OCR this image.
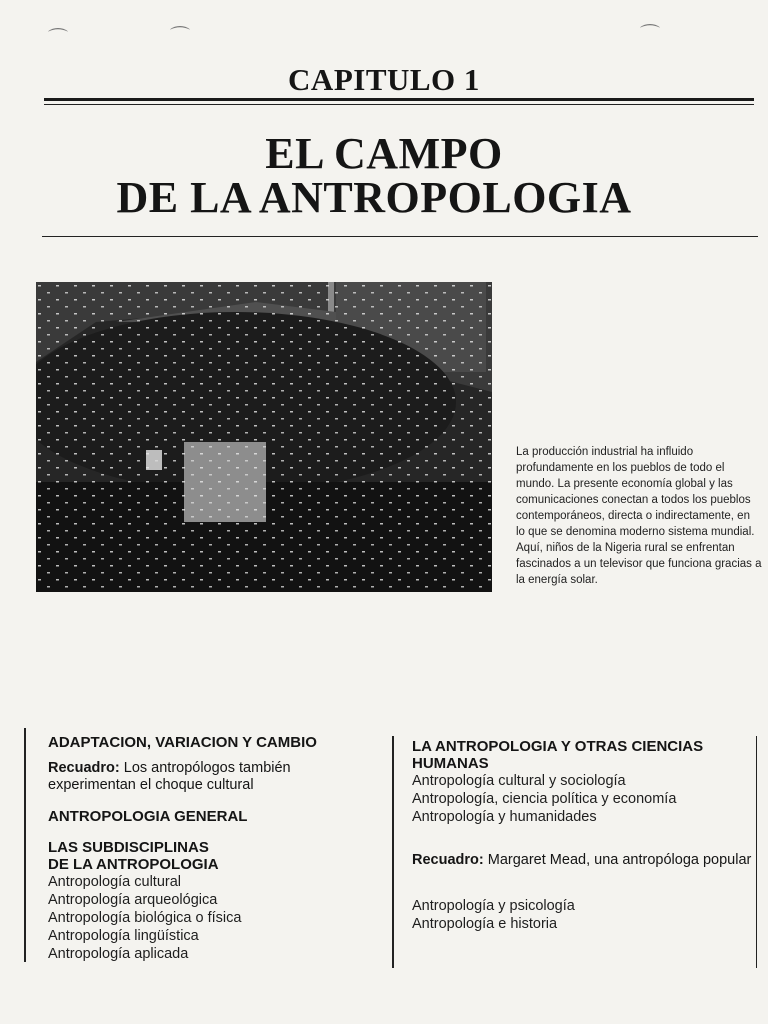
⌒	⌒	⌒
CAPITULO 1
EL CAMPO
DE LA ANTROPOLOGIA
La producción industrial ha influido profundamente en los pueblos de todo el mundo. La presente economía global y las comunicaciones conectan a todos los pueblos contemporáneos, directa o indirectamente, en lo que se denomina moderno sistema mundial. Aquí, niños de la Nigeria rural se enfrentan fascinados a un televisor que funciona gracias a la energía solar.
ADAPTACION, VARIACION Y CAMBIO
Recuadro: Los antropólogos también experimentan el choque cultural
ANTROPOLOGIA GENERAL
LAS SUBDISCIPLINAS
DE LA ANTROPOLOGIA
Antropología cultural
Antropología arqueológica
Antropología biológica o física
Antropología lingüística
Antropología aplicada
LA ANTROPOLOGIA Y OTRAS CIENCIAS
HUMANAS
Antropología cultural y sociología
Antropología, ciencia política y economía
Antropología y humanidades
Recuadro: Margaret Mead, una antropóloga popular
Antropología y psicología
Antropología e historia
